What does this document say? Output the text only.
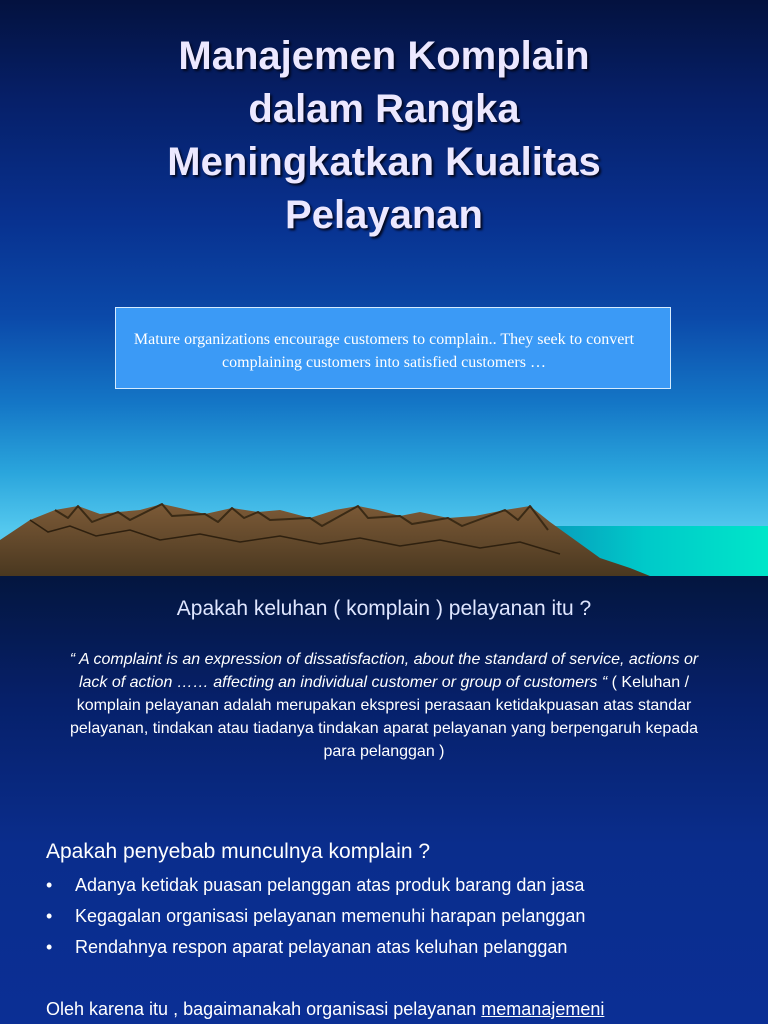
Manajemen Komplain
dalam Rangka
Meningkatkan Kualitas
Pelayanan

Mature organizations encourage customers to complain.. They seek to convert
complaining customers into satisfied customers …

Apakah keluhan ( komplain ) pelayanan itu ?

“ A complaint is an expression of dissatisfaction, about the standard of service, actions or lack of action …… affecting an individual customer or group of customers “ ( Keluhan / komplain pelayanan adalah merupakan ekspresi perasaan ketidakpuasan atas standar pelayanan, tindakan atau tiadanya tindakan aparat pelayanan yang berpengaruh kepada para pelanggan )

Apakah penyebab munculnya komplain ?
• Adanya ketidak puasan pelanggan atas produk barang dan jasa
• Kegagalan organisasi pelayanan memenuhi harapan pelanggan
• Rendahnya respon aparat pelayanan atas keluhan pelanggan

Oleh karena itu , bagaimanakah organisasi pelayanan memanajemeni
